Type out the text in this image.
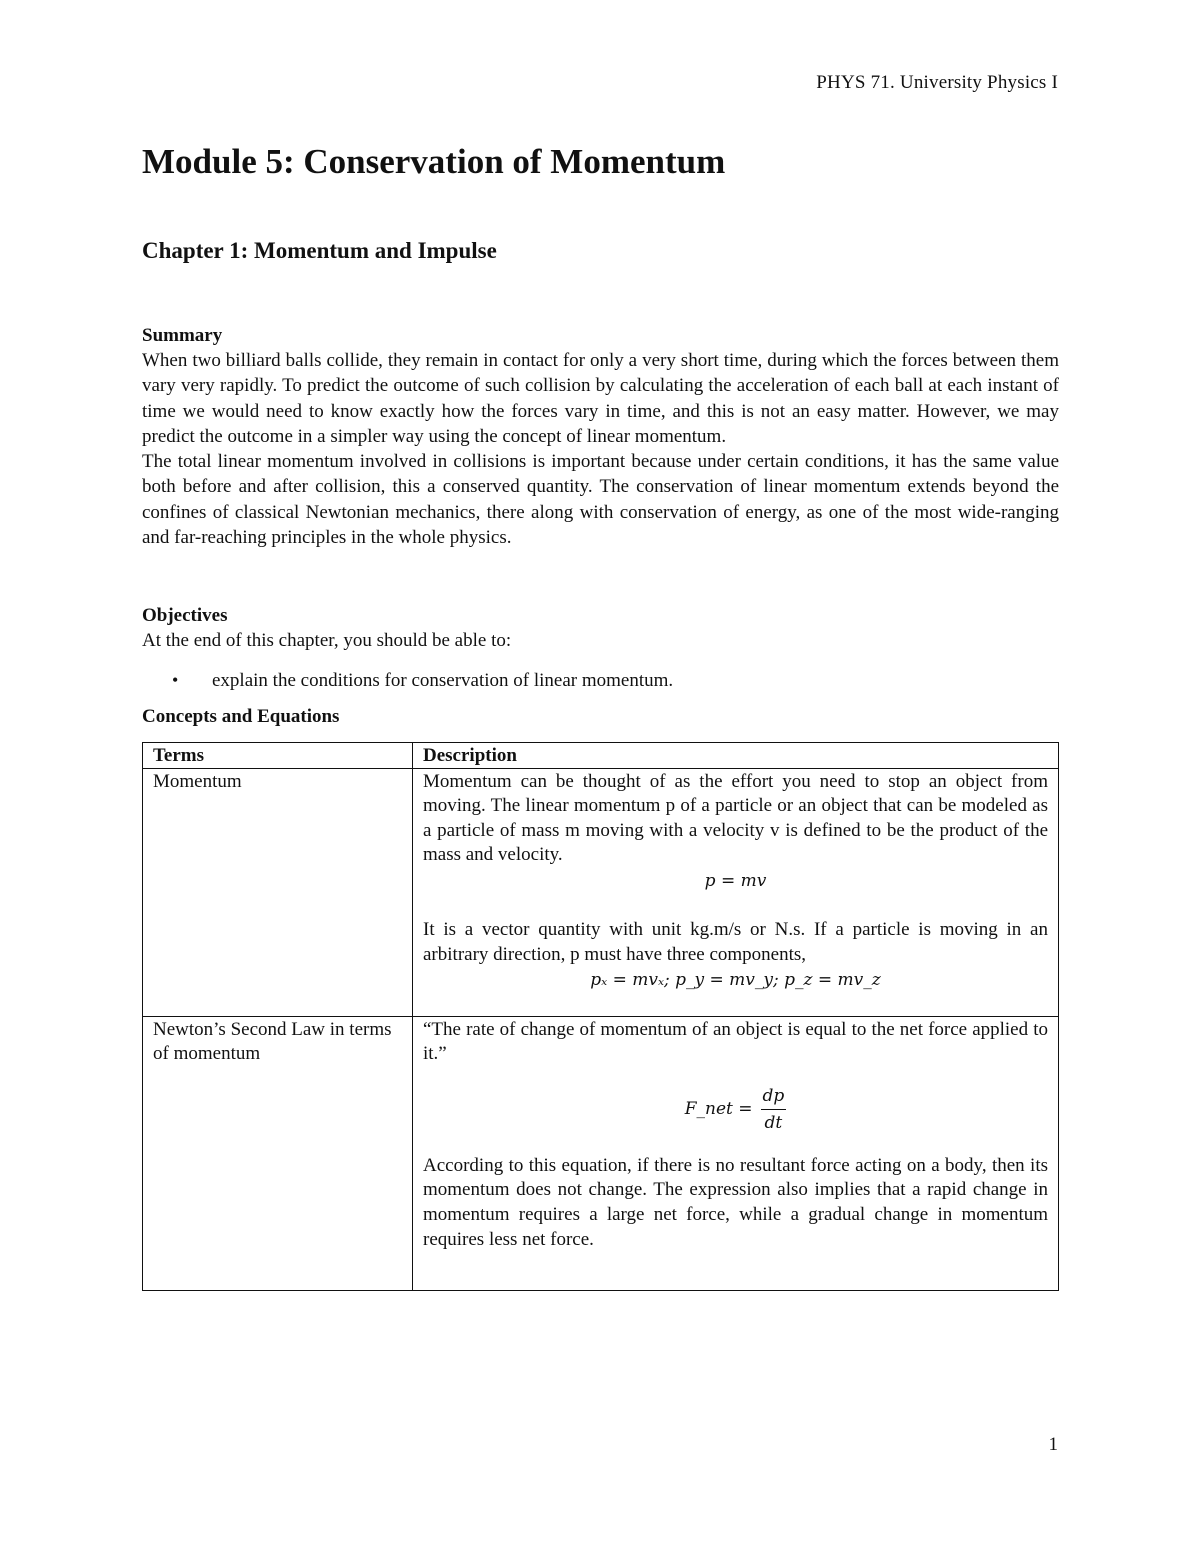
PHYS 71. University Physics I
Module 5: Conservation of Momentum
Chapter 1: Momentum and Impulse
Summary

When two billiard balls collide, they remain in contact for only a very short time, during which the forces between them vary very rapidly. To predict the outcome of such collision by calculating the acceleration of each ball at each instant of time we would need to know exactly how the forces vary in time, and this is not an easy matter. However, we may predict the outcome in a simpler way using the concept of linear momentum.

The total linear momentum involved in collisions is important because under certain conditions, it has the same value both before and after collision, this a conserved quantity. The conservation of linear momentum extends beyond the confines of classical Newtonian mechanics, there along with conservation of energy, as one of the most wide-ranging and far-reaching principles in the whole physics.

Objectives

At the end of this chapter, you should be able to:

• explain the conditions for conservation of linear momentum.
Concepts and Equations
Terms	Description
Momentum	Momentum can be thought of as the effort you need to stop an object from moving. The linear momentum p of a particle or an object that can be modeled as a particle of mass m moving with a velocity v is defined to be the product of the mass and velocity.
p = mv
It is a vector quantity with unit kg.m/s or N.s. If a particle is moving in an arbitrary direction, p must have three components,
pₓ = mvₓ; p_y = mv_y; p_z = mv_z

Newton’s Second Law in terms of momentum	“The rate of change of momentum of an object is equal to the net force applied to it.”
F_net = $\frac{dp}{dt}$
According to this equation, if there is no resultant force acting on a body, then its momentum does not change. The expression also implies that a rapid change in momentum requires a large net force, while a gradual change in momentum requires less net force.
1
